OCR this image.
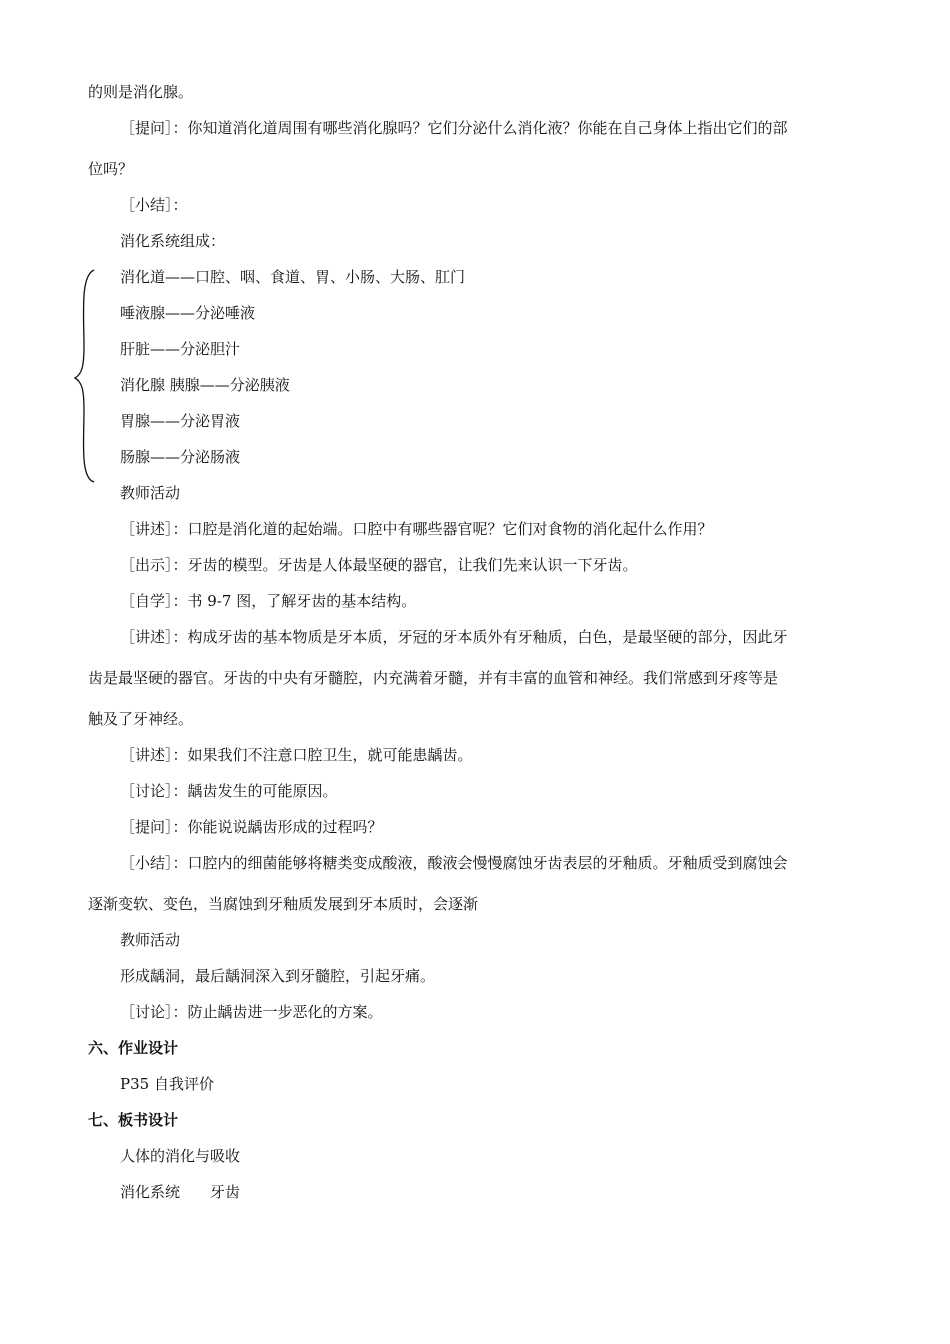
的则是消化腺。
［提问］：你知道消化道周围有哪些消化腺吗？它们分泌什么消化液？你能在自己身体上指出它们的部
位吗？
［小结］：
消化系统组成：
消化道——口腔、咽、食道、胃、小肠、大肠、肛门
唾液腺——分泌唾液
肝脏——分泌胆汁
消化腺 胰腺——分泌胰液
胃腺——分泌胃液
肠腺——分泌肠液
教师活动
［讲述］：口腔是消化道的起始端。口腔中有哪些器官呢？它们对食物的消化起什么作用？
［出示］：牙齿的模型。牙齿是人体最坚硬的器官，让我们先来认识一下牙齿。
［自学］：书 9-7 图，了解牙齿的基本结构。
［讲述］：构成牙齿的基本物质是牙本质，牙冠的牙本质外有牙釉质，白色，是最坚硬的部分，因此牙
齿是最坚硬的器官。牙齿的中央有牙髓腔，内充满着牙髓，并有丰富的血管和神经。我们常感到牙疼等是
触及了牙神经。
［讲述］：如果我们不注意口腔卫生，就可能患龋齿。
［讨论］：龋齿发生的可能原因。
［提问］：你能说说龋齿形成的过程吗？
［小结］：口腔内的细菌能够将糖类变成酸液，酸液会慢慢腐蚀牙齿表层的牙釉质。牙釉质受到腐蚀会
逐渐变软、变色，当腐蚀到牙釉质发展到牙本质时，会逐渐
教师活动
形成龋洞，最后龋洞深入到牙髓腔，引起牙痛。
［讨论］：防止龋齿进一步恶化的方案。
六、作业设计
P35 自我评价
七、板书设计
人体的消化与吸收
消化系统　　牙齿
